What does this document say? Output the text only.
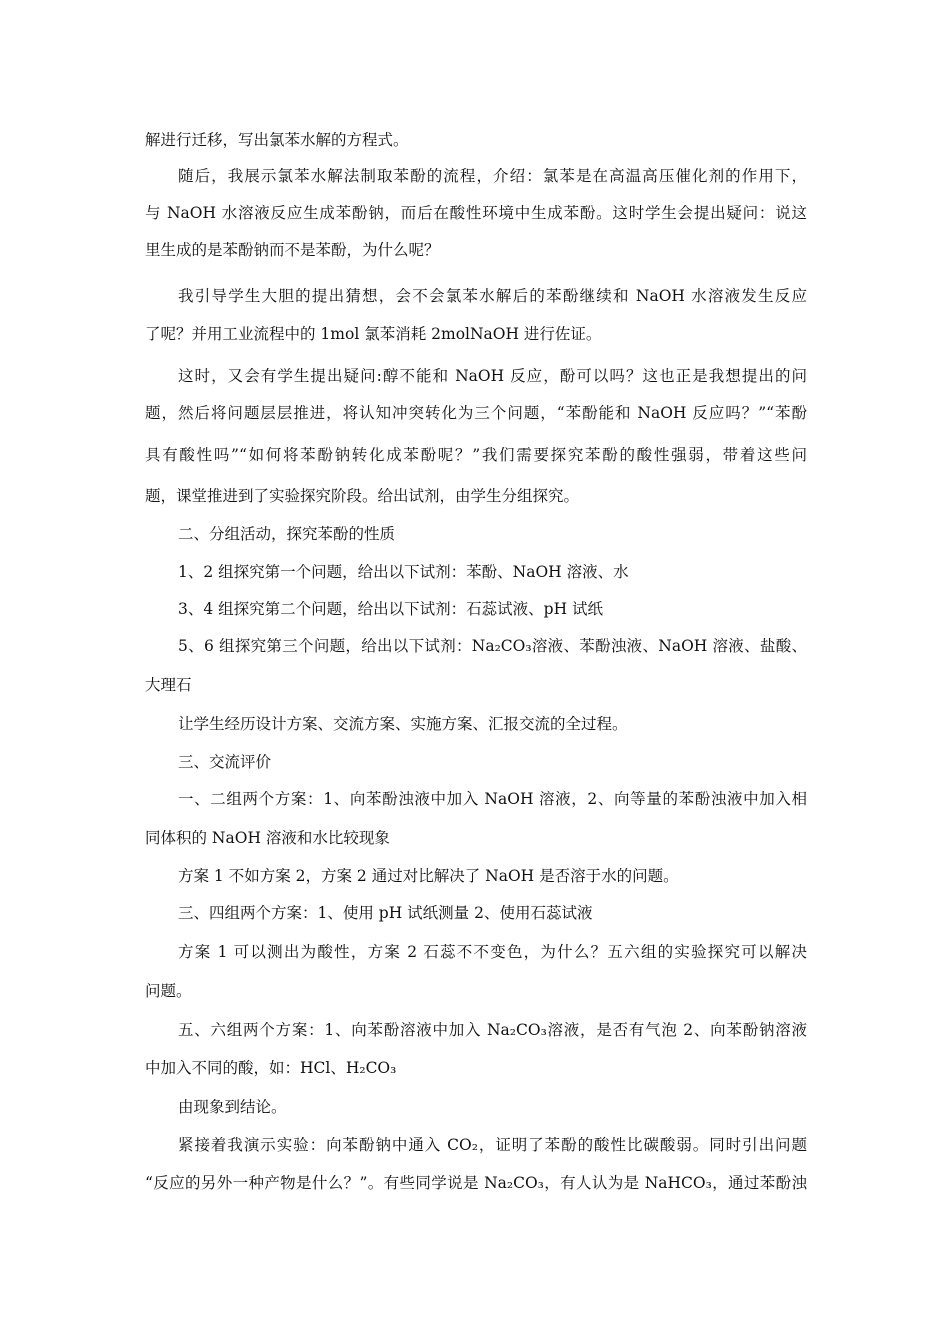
解进行迁移，写出氯苯水解的方程式。
随后，我展示氯苯水解法制取苯酚的流程，介绍：氯苯是在高温高压催化剂的作用下，
与 NaOH 水溶液反应生成苯酚钠，而后在酸性环境中生成苯酚。这时学生会提出疑问：说这
里生成的是苯酚钠而不是苯酚，为什么呢？
我引导学生大胆的提出猜想，会不会氯苯水解后的苯酚继续和 NaOH 水溶液发生反应
了呢？并用工业流程中的 1mol 氯苯消耗 2molNaOH 进行佐证。
这时，又会有学生提出疑问:醇不能和 NaOH 反应，酚可以吗？这也正是我想提出的问
题，然后将问题层层推进，将认知冲突转化为三个问题，“苯酚能和 NaOH 反应吗？”“苯酚
具有酸性吗”“如何将苯酚钠转化成苯酚呢？”我们需要探究苯酚的酸性强弱，带着这些问
题，课堂推进到了实验探究阶段。给出试剂，由学生分组探究。
二、分组活动，探究苯酚的性质
1、2 组探究第一个问题，给出以下试剂：苯酚、NaOH 溶液、水
3、4 组探究第二个问题，给出以下试剂：石蕊试液、pH 试纸
5、6 组探究第三个问题，给出以下试剂：Na₂CO₃溶液、苯酚浊液、NaOH 溶液、盐酸、
大理石
让学生经历设计方案、交流方案、实施方案、汇报交流的全过程。
三、交流评价
一、二组两个方案：1、向苯酚浊液中加入 NaOH 溶液，2、向等量的苯酚浊液中加入相
同体积的 NaOH 溶液和水比较现象
方案 1 不如方案 2，方案 2 通过对比解决了 NaOH 是否溶于水的问题。
三、四组两个方案：1、使用 pH 试纸测量 2、使用石蕊试液
方案 1 可以测出为酸性，方案 2 石蕊不不变色，为什么？五六组的实验探究可以解决
问题。
五、六组两个方案：1、向苯酚溶液中加入 Na₂CO₃溶液，是否有气泡 2、向苯酚钠溶液
中加入不同的酸，如：HCl、H₂CO₃
由现象到结论。
紧接着我演示实验：向苯酚钠中通入 CO₂，证明了苯酚的酸性比碳酸弱。同时引出问题
“反应的另外一种产物是什么？”。有些同学说是 Na₂CO₃，有人认为是 NaHCO₃，通过苯酚浊
